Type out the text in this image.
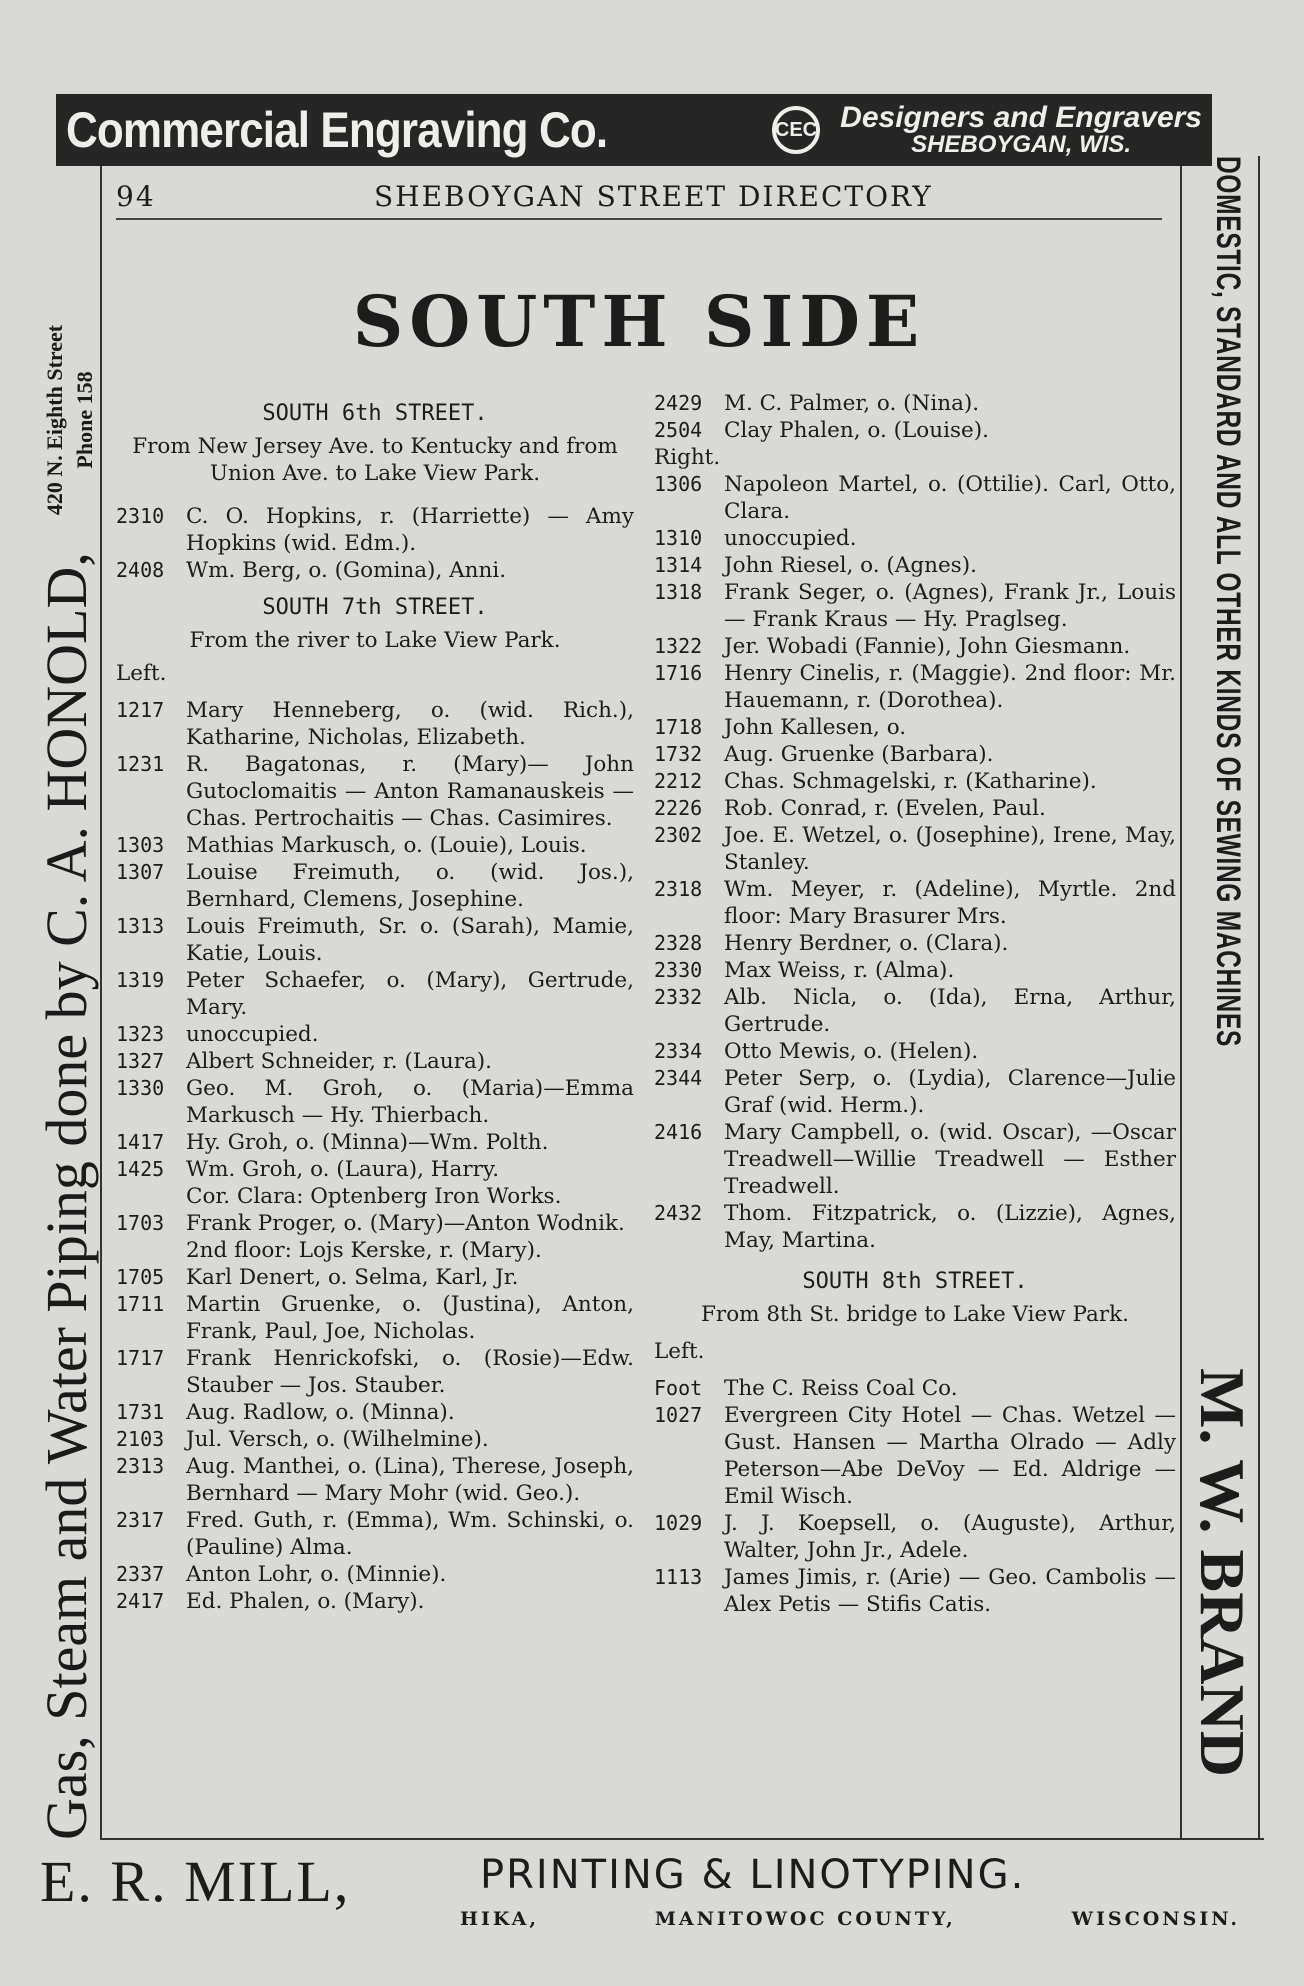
Commercial Engraving Co.	CEC Designers and Engravers
SHEBOYGAN, WIS.
Gas, Steam and Water Piping done by C. A. HONOLD,
420 N. Eighth Street Phone 158	DOMESTIC, STANDARD AND ALL OTHER KINDS OF SEWING MACHINES
M. W. BRAND
94	SHEBOYGAN STREET DIRECTORY
SOUTH SIDE
SOUTH 6th STREET.
From New Jersey Ave. to Kentucky and from Union Ave. to Lake View Park.
2310	C. O. Hopkins, r. (Harriette) — Amy Hopkins (wid. Edm.).
2408	Wm. Berg, o. (Gomina), Anni.
SOUTH 7th STREET.
From the river to Lake View Park.
Left.
1217	Mary Henneberg, o. (wid. Rich.), Katharine, Nicholas, Elizabeth.
1231	R. Bagatonas, r. (Mary)— John Gutoclomaitis — Anton Ramanauskeis — Chas. Pertrochaitis — Chas. Casimires.
1303	Mathias Markusch, o. (Louie), Louis.
1307	Louise Freimuth, o. (wid. Jos.), Bernhard, Clemens, Josephine.
1313	Louis Freimuth, Sr. o. (Sarah), Mamie, Katie, Louis.
1319	Peter Schaefer, o. (Mary), Gertrude, Mary.
1323	unoccupied.
1327	Albert Schneider, r. (Laura).
1330	Geo. M. Groh, o. (Maria)—Emma Markusch — Hy. Thierbach.
1417	Hy. Groh, o. (Minna)—Wm. Polth.
1425	Wm. Groh, o. (Laura), Harry.
Cor. Clara: Optenberg Iron Works.
1703	Frank Proger, o. (Mary)—Anton Wodnik.
2nd floor: Lojs Kerske, r. (Mary).
1705	Karl Denert, o. Selma, Karl, Jr.
1711	Martin Gruenke, o. (Justina), Anton, Frank, Paul, Joe, Nicholas.
1717	Frank Henrickofski, o. (Rosie)—Edw. Stauber — Jos. Stauber.
1731	Aug. Radlow, o. (Minna).
2103	Jul. Versch, o. (Wilhelmine).
2313	Aug. Manthei, o. (Lina), Therese, Joseph, Bernhard — Mary Mohr (wid. Geo.).
2317	Fred. Guth, r. (Emma), Wm. Schinski, o. (Pauline) Alma.
2337	Anton Lohr, o. (Minnie).
2417	Ed. Phalen, o. (Mary).
2429	M. C. Palmer, o. (Nina).
2504	Clay Phalen, o. (Louise).
Right.
1306	Napoleon Martel, o. (Ottilie). Carl, Otto, Clara.
1310	unoccupied.
1314	John Riesel, o. (Agnes).
1318	Frank Seger, o. (Agnes), Frank Jr., Louis — Frank Kraus — Hy. Praglseg.
1322	Jer. Wobadi (Fannie), John Giesmann.
1716	Henry Cinelis, r. (Maggie). 2nd floor: Mr. Hauemann, r. (Dorothea).
1718	John Kallesen, o.
1732	Aug. Gruenke (Barbara).
2212	Chas. Schmagelski, r. (Katharine).
2226	Rob. Conrad, r. (Evelen, Paul.
2302	Joe. E. Wetzel, o. (Josephine), Irene, May, Stanley.
2318	Wm. Meyer, r. (Adeline), Myrtle. 2nd floor: Mary Brasurer Mrs.
2328	Henry Berdner, o. (Clara).
2330	Max Weiss, r. (Alma).
2332	Alb. Nicla, o. (Ida), Erna, Arthur, Gertrude.
2334	Otto Mewis, o. (Helen).
2344	Peter Serp, o. (Lydia), Clarence—Julie Graf (wid. Herm.).
2416	Mary Campbell, o. (wid. Oscar), —Oscar Treadwell—Willie Treadwell — Esther Treadwell.
2432	Thom. Fitzpatrick, o. (Lizzie), Agnes, May, Martina.
SOUTH 8th STREET.
From 8th St. bridge to Lake View Park.
Left.
Foot	The C. Reiss Coal Co.
1027	Evergreen City Hotel — Chas. Wetzel — Gust. Hansen — Martha Olrado — Adly Peterson—Abe DeVoy — Ed. Aldrige — Emil Wisch.
1029	J. J. Koepsell, o. (Auguste), Arthur, Walter, John Jr., Adele.
1113	James Jimis, r. (Arie) — Geo. Cambolis — Alex Petis — Stifis Catis.
E. R. MILL,	PRINTING & LINOTYPING.
HIKA,	MANITOWOC COUNTY,	WISCONSIN.
